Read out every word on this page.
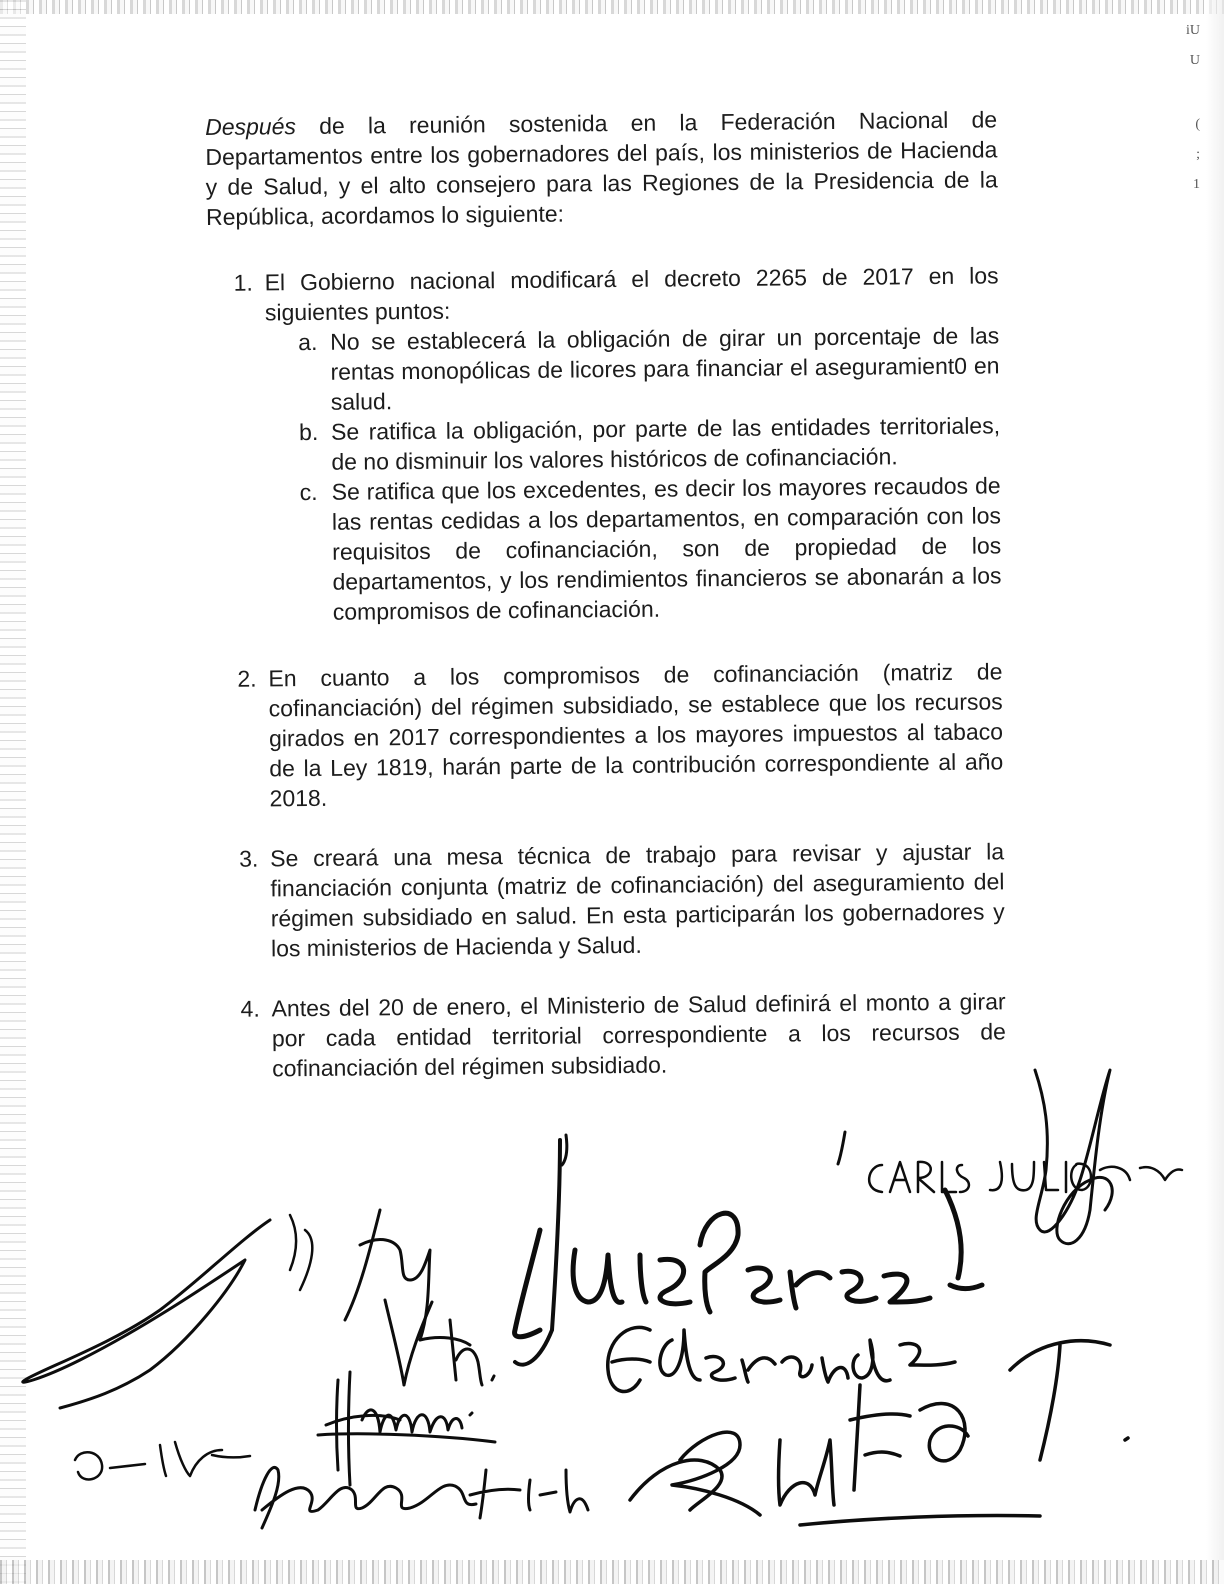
iU
U
(
;
1

Después de la reunión sostenida en la Federación Nacional de Departamentos entre los gobernadores del país, los ministerios de Hacienda y de Salud, y el alto consejero para las Regiones de la Presidencia de la República, acordamos lo siguiente:

1. El Gobierno nacional modificará el decreto 2265 de 2017 en los siguientes puntos:
a. No se establecerá la obligación de girar un porcentaje de las rentas monopólicas de licores para financiar el aseguramient0 en salud.
b. Se ratifica la obligación, por parte de las entidades territoriales, de no disminuir los valores históricos de cofinanciación.
c. Se ratifica que los excedentes, es decir los mayores recaudos de las rentas cedidas a los departamentos, en comparación con los requisitos de cofinanciación, son de propiedad de los departamentos, y los rendimientos financieros se abonarán a los compromisos de cofinanciación.
2. En cuanto a los compromisos de cofinanciación (matriz de cofinanciación) del régimen subsidiado, se establece que los recursos girados en 2017 correspondientes a los mayores impuestos al tabaco de la Ley 1819, harán parte de la contribución correspondiente al año 2018.
3. Se creará una mesa técnica de trabajo para revisar y ajustar la financiación conjunta (matriz de cofinanciación) del aseguramiento del régimen subsidiado en salud. En esta participarán los gobernadores y los ministerios de Hacienda y Salud.
4. Antes del 20 de enero, el Ministerio de Salud definirá el monto a girar por cada entidad territorial correspondiente a los recursos de cofinanciación del régimen subsidiado.
